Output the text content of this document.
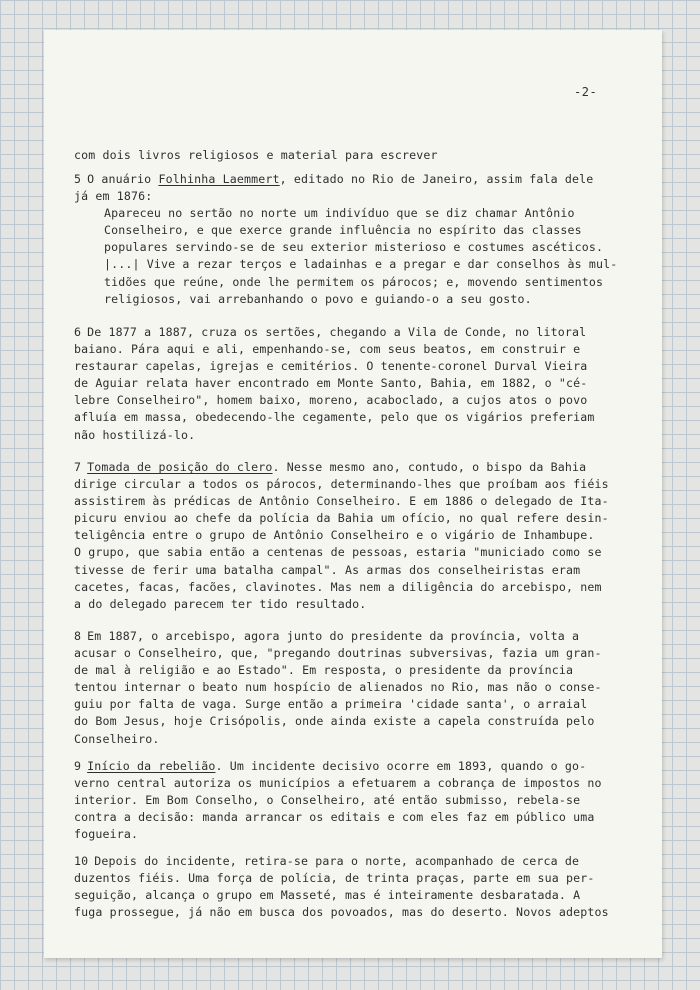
-2-

com dois livros religiosos e material para escrever
5 O anuário Folhinha Laemmert, editado no Rio de Janeiro, assim fala dele
já em 1876:
Apareceu no sertão no norte um indivíduo que se diz chamar Antônio
Conselheiro, e que exerce grande influência no espírito das classes
populares servindo-se de seu exterior misterioso e costumes ascéticos.
|...| Vive a rezar terços e ladainhas e a pregar e dar conselhos às mul-
tidões que reúne, onde lhe permitem os párocos; e, movendo sentimentos
religiosos, vai arrebanhando o povo e guiando-o a seu gosto.
6 De 1877 a 1887, cruza os sertões, chegando a Vila de Conde, no litoral
baiano. Pára aqui e ali, empenhando-se, com seus beatos, em construir e
restaurar capelas, igrejas e cemitérios. O tenente-coronel Durval Vieira
de Aguiar relata haver encontrado em Monte Santo, Bahia, em 1882, o "cé-
lebre Conselheiro", homem baixo, moreno, acaboclado, a cujos atos o povo
afluía em massa, obedecendo-lhe cegamente, pelo que os vigários preferiam
não hostilizá-lo.
7 Tomada de posição do clero. Nesse mesmo ano, contudo, o bispo da Bahia
dirige circular a todos os párocos, determinando-lhes que proíbam aos fiéis
assistirem às prédicas de Antônio Conselheiro. E em 1886 o delegado de Ita-
picuru enviou ao chefe da polícia da Bahia um ofício, no qual refere desin-
teligência entre o grupo de Antônio Conselheiro e o vigário de Inhambupe.
O grupo, que sabia então a centenas de pessoas, estaria "municiado como se
tivesse de ferir uma batalha campal". As armas dos conselheiristas eram
cacetes, facas, facões, clavinotes. Mas nem a diligência do arcebispo, nem
a do delegado parecem ter tido resultado.
8 Em 1887, o arcebispo, agora junto do presidente da província, volta a
acusar o Conselheiro, que, "pregando doutrinas subversivas, fazia um gran-
de mal à religião e ao Estado". Em resposta, o presidente da província
tentou internar o beato num hospício de alienados no Rio, mas não o conse-
guiu por falta de vaga. Surge então a primeira 'cidade santa', o arraial
do Bom Jesus, hoje Crisópolis, onde ainda existe a capela construída pelo
Conselheiro.
9 Início da rebelião. Um incidente decisivo ocorre em 1893, quando o go-
verno central autoriza os municípios a efetuarem a cobrança de impostos no
interior. Em Bom Conselho, o Conselheiro, até então submisso, rebela-se
contra a decisão: manda arrancar os editais e com eles faz em público uma
fogueira.
10 Depois do incidente, retira-se para o norte, acompanhado de cerca de
duzentos fiéis. Uma força de polícia, de trinta praças, parte em sua per-
seguição, alcança o grupo em Masseté, mas é inteiramente desbaratada. A
fuga prossegue, já não em busca dos povoados, mas do deserto. Novos adeptos
